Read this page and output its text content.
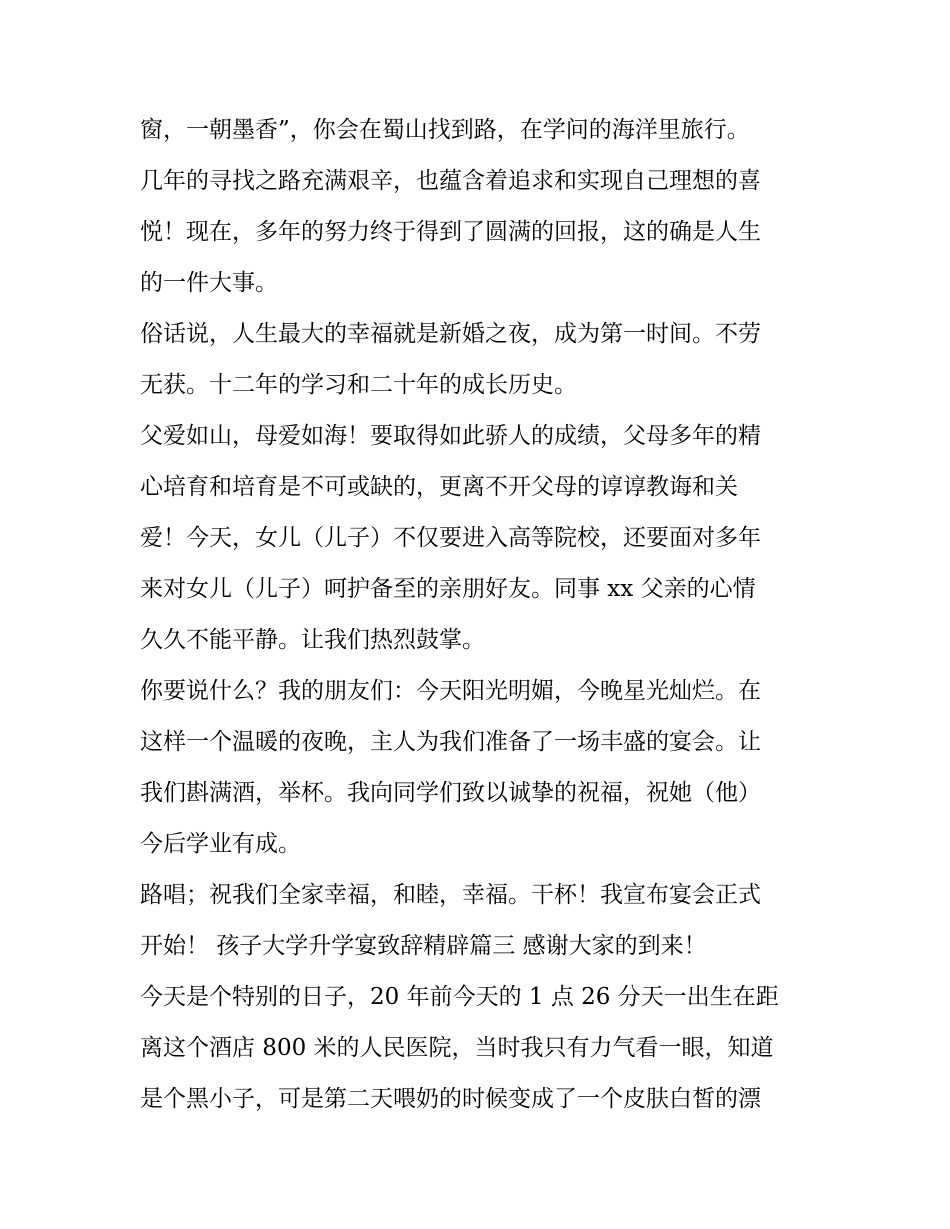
窗，一朝墨香”，你会在蜀山找到路，在学问的海洋里旅行。
几年的寻找之路充满艰辛，也蕴含着追求和实现自己理想的喜
悦！现在，多年的努力终于得到了圆满的回报，这的确是人生
的一件大事。
俗话说，人生最大的幸福就是新婚之夜，成为第一时间。不劳
无获。十二年的学习和二十年的成长历史。
父爱如山，母爱如海！要取得如此骄人的成绩，父母多年的精
心培育和培育是不可或缺的，更离不开父母的谆谆教诲和关
爱！今天，女儿（儿子）不仅要进入高等院校，还要面对多年
来对女儿（儿子）呵护备至的亲朋好友。同事 xx 父亲的心情
久久不能平静。让我们热烈鼓掌。
你要说什么？我的朋友们：今天阳光明媚，今晚星光灿烂。在
这样一个温暖的夜晚，主人为我们准备了一场丰盛的宴会。让
我们斟满酒，举杯。我向同学们致以诚挚的祝福，祝她（他）
今后学业有成。
路唱；祝我们全家幸福，和睦，幸福。干杯！我宣布宴会正式
开始！ 孩子大学升学宴致辞精辟篇三 感谢大家的到来！
今天是个特别的日子，20 年前今天的 1 点 26 分天一出生在距
离这个酒店 800 米的人民医院，当时我只有力气看一眼，知道
是个黑小子，可是第二天喂奶的时候变成了一个皮肤白皙的漂
